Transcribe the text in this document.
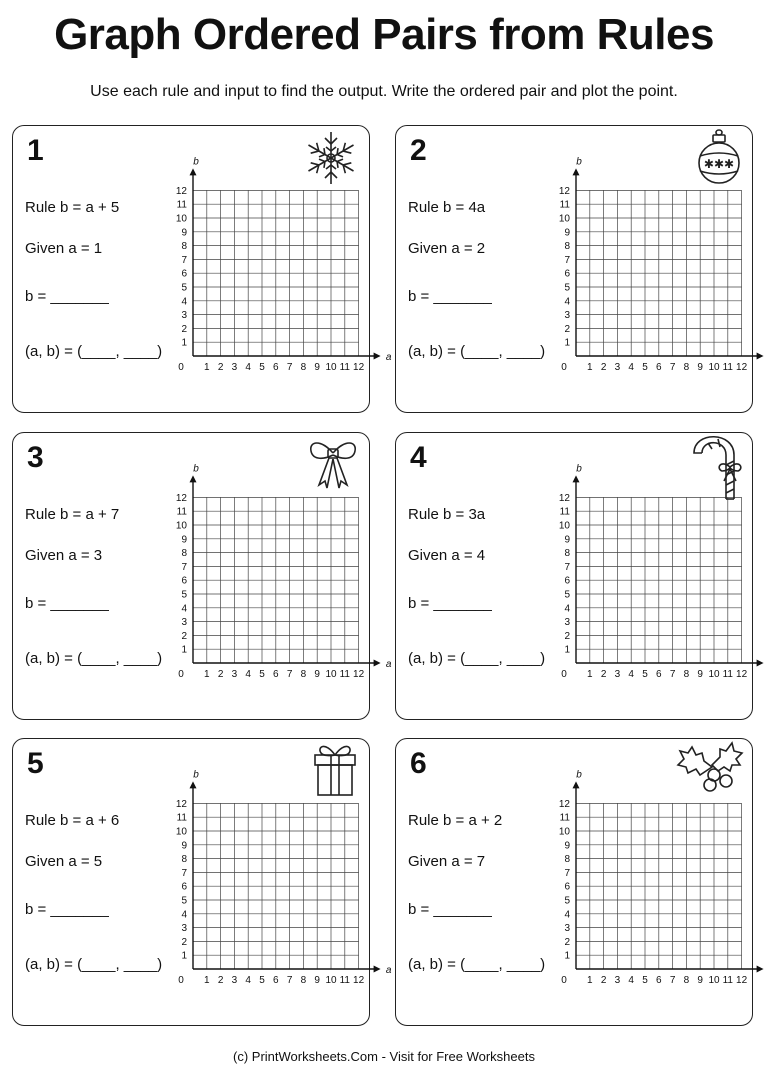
Graph Ordered Pairs from Rules
Use each rule and input to find the output. Write the ordered pair and plot the point.
1
Rule b = a + 5
Given a = 1
b = _______
(a, b) = (____, ____)
1 2 3 4 5 6 7 8 9 10 11 12
1
2
3
4
5
6
7
8
9
10
11
12
0
a
b	2
Rule b = 4a
Given a = 2
b = _______
(a, b) = (____, ____)
1 2 3 4 5 6 7 8 9 10 11 12
1
2
3
4
5
6
7
8
9
10
11
12
0
b	✱✱✱
3
Rule b = a + 7
Given a = 3
b = _______
(a, b) = (____, ____)
1 2 3 4 5 6 7 8 9 10 11 12
1
2
3
4
5
6
7
8
9
10
11
12
0
a
b	4
Rule b = 3a
Given a = 4
b = _______
(a, b) = (____, ____)
1 2 3 4 5 6 7 8 9 10 11 12
1
2
3
4
5
6
7
8
9
10
11
12
0
b
5
Rule b = a + 6
Given a = 5
b = _______
(a, b) = (____, ____)
1 2 3 4 5 6 7 8 9 10 11 12
1
2
3
4
5
6
7
8
9
10
11
12
0
a
b	6
Rule b = a + 2
Given a = 7
b = _______
(a, b) = (____, ____)
1 2 3 4 5 6 7 8 9 10 11 12
1
2
3
4
5
6
7
8
9
10
11
12
0
b
(c) PrintWorksheets.Com - Visit for Free Worksheets
